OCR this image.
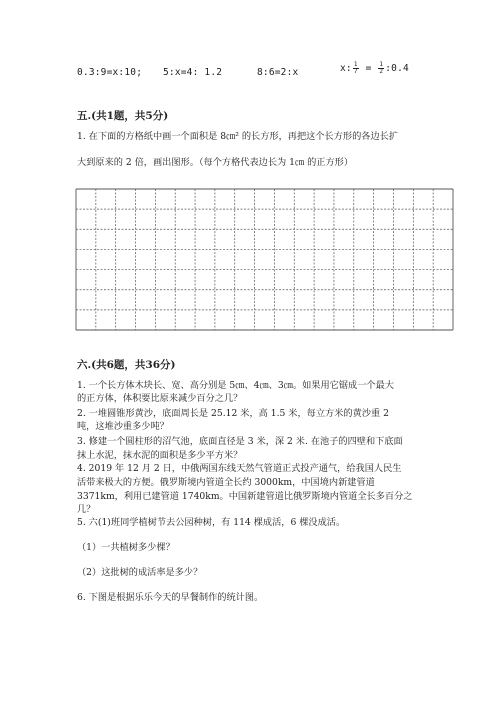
0.3:9=x:10; 5:x=4: 1.2	8:6=2:x	x: $\frac{1}{7} = \frac{1}{2}$ :0.4
五.(共1题，共5分)
1. 在下面的方格纸中画一个面积是 8㎝² 的长方形，再把这个长方形的各边长扩
大到原来的 2 倍，画出图形。（每个方格代表边长为 1㎝ 的正方形）
六.(共6题，共36分)
1. 一个长方体木块长、宽、高分别是 5㎝、4㎝、3㎝。如果用它锯成一个最大
的正方体，体积要比原来减少百分之几？
2. 一堆圆锥形黄沙，底面周长是 25.12 米，高 1.5 米，每立方米的黄沙重 2
吨，这堆沙重多少吨？
3. 修建一个圆柱形的沼气池，底面直径是 3 米，深 2 米. 在池子的四壁和下底面
抹上水泥，抹水泥的面积是多少平方米？
4. 2019 年 12 月 2 日，中俄两国东线天然气管道正式投产通气，给我国人民生
活带来极大的方便。俄罗斯境内管道全长约 3000km，中国境内新建管道
3371km，利用已建管道 1740km。中国新建管道比俄罗斯境内管道全长多百分之
几？
5. 六(1)班同学植树节去公园种树，有 114 棵成活，6 棵没成活。
（1）一共植树多少棵？
（2）这批树的成活率是多少？
6. 下图是根据乐乐今天的早餐制作的统计图。
